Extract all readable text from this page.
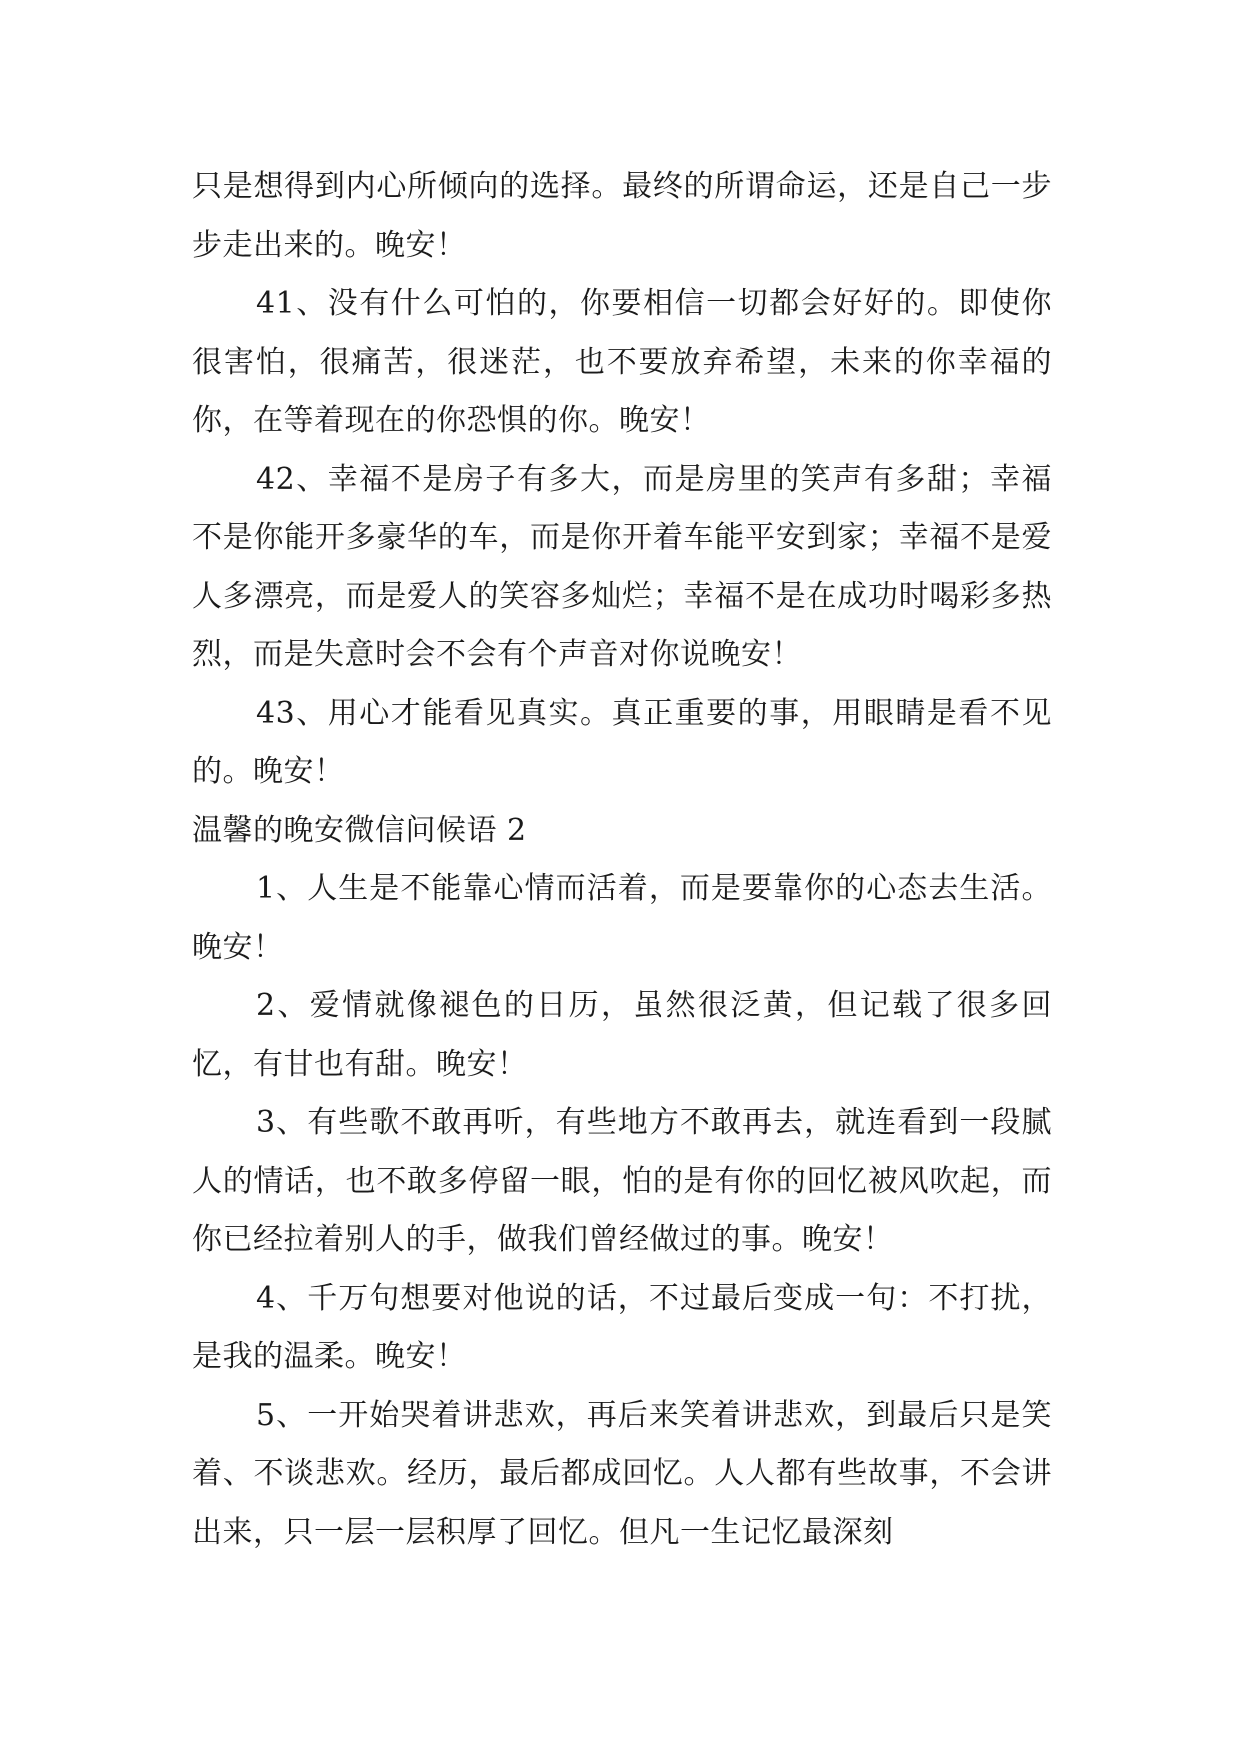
只是想得到内心所倾向的选择。最终的所谓命运，还是自己一步步走出来的。晚安！

41、没有什么可怕的，你要相信一切都会好好的。即使你很害怕，很痛苦，很迷茫，也不要放弃希望，未来的你幸福的你，在等着现在的你恐惧的你。晚安！

42、幸福不是房子有多大，而是房里的笑声有多甜；幸福不是你能开多豪华的车，而是你开着车能平安到家；幸福不是爱人多漂亮，而是爱人的笑容多灿烂；幸福不是在成功时喝彩多热烈，而是失意时会不会有个声音对你说晚安！

43、用心才能看见真实。真正重要的事，用眼睛是看不见的。晚安！

温馨的晚安微信问候语 2

1、人生是不能靠心情而活着，而是要靠你的心态去生活。晚安！

2、爱情就像褪色的日历，虽然很泛黄，但记载了很多回忆，有甘也有甜。晚安！

3、有些歌不敢再听，有些地方不敢再去，就连看到一段腻人的情话，也不敢多停留一眼，怕的是有你的回忆被风吹起，而你已经拉着别人的手，做我们曾经做过的事。晚安！

4、千万句想要对他说的话，不过最后变成一句：不打扰，是我的温柔。晚安！

5、一开始哭着讲悲欢，再后来笑着讲悲欢，到最后只是笑着、不谈悲欢。经历，最后都成回忆。人人都有些故事，不会讲出来，只一层一层积厚了回忆。但凡一生记忆最深刻
